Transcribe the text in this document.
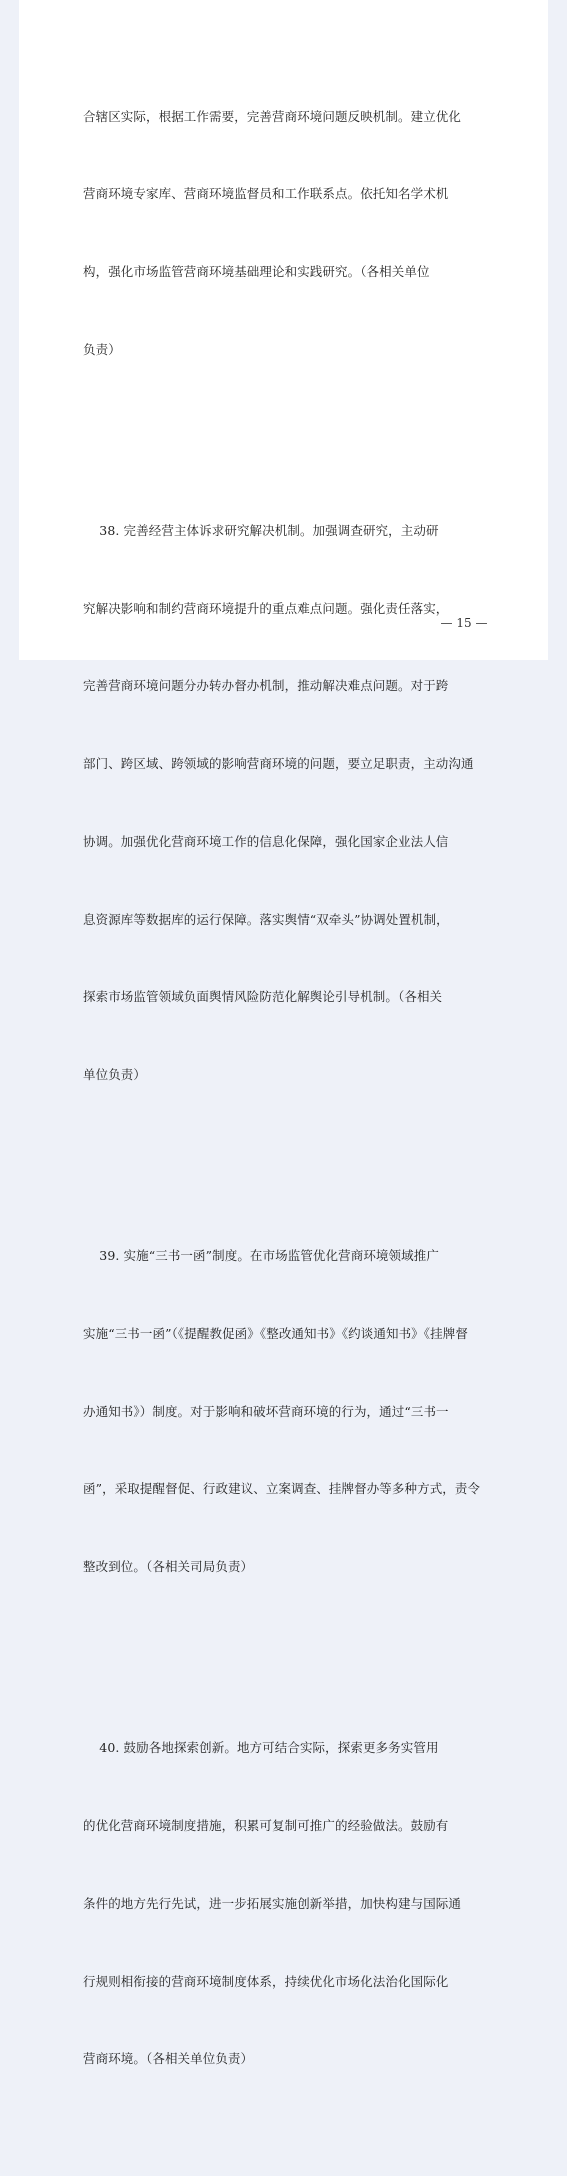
合辖区实际，根据工作需要，完善营商环境问题反映机制。建立优化

营商环境专家库、营商环境监督员和工作联系点。依托知名学术机

构，强化市场监管营商环境基础理论和实践研究。（各相关单位

负责）

38. 完善经营主体诉求研究解决机制。加强调查研究，主动研

究解决影响和制约营商环境提升的重点难点问题。强化责任落实，

完善营商环境问题分办转办督办机制，推动解决难点问题。对于跨

部门、跨区域、跨领域的影响营商环境的问题，要立足职责，主动沟通

协调。加强优化营商环境工作的信息化保障，强化国家企业法人信

息资源库等数据库的运行保障。落实舆情“双牵头”协调处置机制，

探索市场监管领域负面舆情风险防范化解舆论引导机制。（各相关

单位负责）

39. 实施“三书一函”制度。在市场监管优化营商环境领域推广

实施“三书一函”（《提醒教促函》《整改通知书》《约谈通知书》《挂牌督

办通知书》）制度。对于影响和破坏营商环境的行为，通过“三书一

函”，采取提醒督促、行政建议、立案调查、挂牌督办等多种方式，责令

整改到位。（各相关司局负责）

40. 鼓励各地探索创新。地方可结合实际，探索更多务实管用

的优化营商环境制度措施，积累可复制可推广的经验做法。鼓励有

条件的地方先行先试，进一步拓展实施创新举措，加快构建与国际通

行规则相衔接的营商环境制度体系，持续优化市场化法治化国际化

营商环境。（各相关单位负责）

— 15 —
